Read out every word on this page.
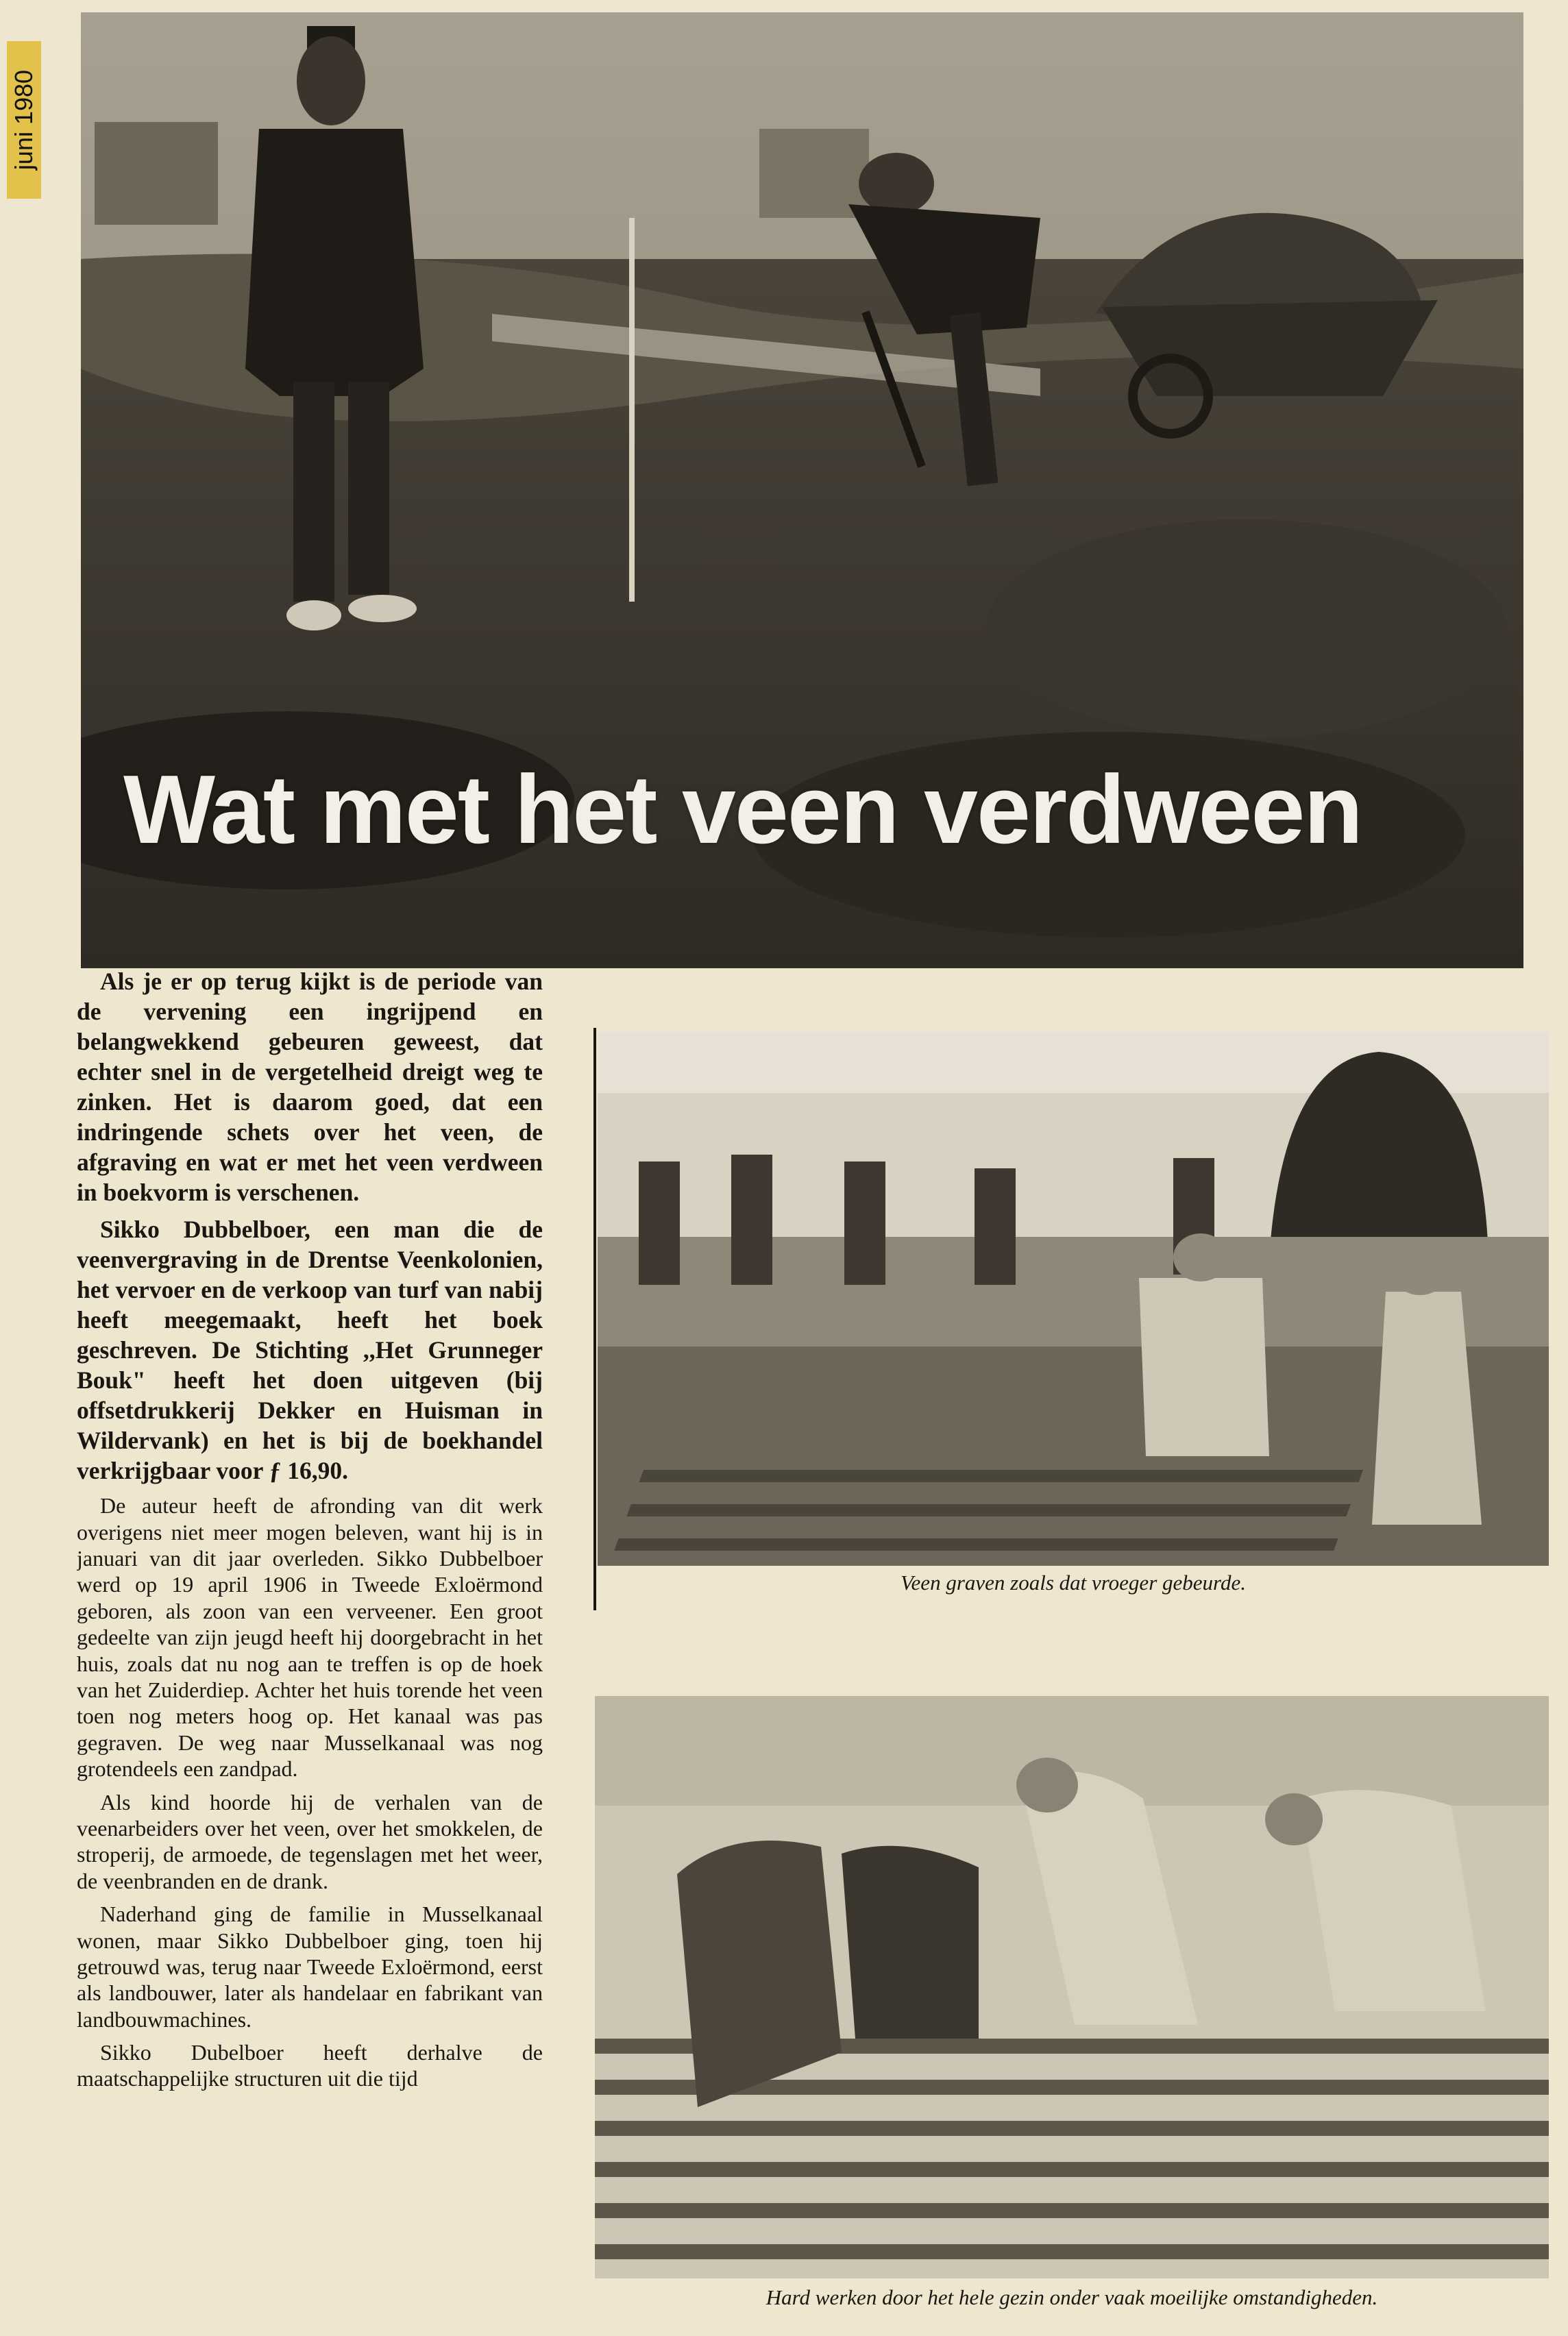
juni 1980
Wat met het veen verdween

Als je er op terug kijkt is de periode van de vervening een ingrijpend en belangwekkend gebeuren geweest, dat echter snel in de vergetelheid dreigt weg te zinken. Het is daarom goed, dat een indringende schets over het veen, de afgraving en wat er met het veen verdween in boekvorm is verschenen.

Sikko Dubbelboer, een man die de veenvergraving in de Drentse Veenkolonien, het vervoer en de verkoop van turf van nabij heeft meegemaakt, heeft het boek geschreven. De Stichting ,,Het Grunneger Bouk" heeft het doen uitgeven (bij offsetdrukkerij Dekker en Huisman in Wildervank) en het is bij de boekhandel verkrijgbaar voor ƒ 16,90.

De auteur heeft de afronding van dit werk overigens niet meer mogen beleven, want hij is in januari van dit jaar overleden. Sikko Dubbelboer werd op 19 april 1906 in Tweede Exloërmond geboren, als zoon van een verveener. Een groot gedeelte van zijn jeugd heeft hij doorgebracht in het huis, zoals dat nu nog aan te treffen is op de hoek van het Zuiderdiep. Achter het huis torende het veen toen nog meters hoog op. Het kanaal was pas gegraven. De weg naar Musselkanaal was nog grotendeels een zandpad.

Als kind hoorde hij de verhalen van de veenarbeiders over het veen, over het smokkelen, de stroperij, de armoede, de tegenslagen met het weer, de veenbranden en de drank.

Naderhand ging de familie in Musselkanaal wonen, maar Sikko Dubbelboer ging, toen hij getrouwd was, terug naar Tweede Exloërmond, eerst als landbouwer, later als handelaar en fabrikant van landbouwmachines.

Sikko Dubelboer heeft derhalve de maatschappelijke structuren uit die tijd

Veen graven zoals dat vroeger gebeurde.
Hard werken door het hele gezin onder vaak moeilijke omstandigheden.
